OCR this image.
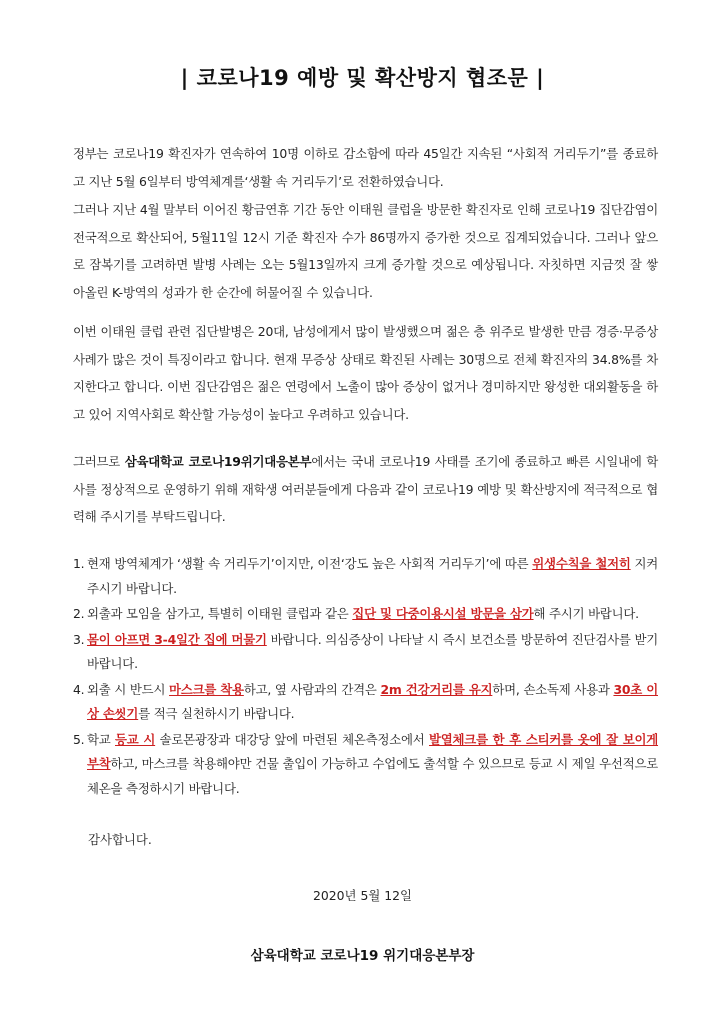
| 코로나19 예방 및 확산방지 협조문 |

정부는 코로나19 확진자가 연속하여 10명 이하로 감소함에 따라 45일간 지속된 “사회적 거리두기”를 종료하고 지난 5월 6일부터 방역체계를‘생활 속 거리두기’로 전환하였습니다.

그러나 지난 4월 말부터 이어진 황금연휴 기간 동안 이태원 클럽을 방문한 확진자로 인해 코로나19 집단감염이 전국적으로 확산되어, 5월11일 12시 기준 확진자 수가 86명까지 증가한 것으로 집계되었습니다. 그러나 앞으로 잠복기를 고려하면 발병 사례는 오는 5월13일까지 크게 증가할 것으로 예상됩니다. 자칫하면 지금껏 잘 쌓아올린 K-방역의 성과가 한 순간에 허물어질 수 있습니다.

이번 이태원 클럽 관련 집단발병은 20대, 남성에게서 많이 발생했으며 젊은 층 위주로 발생한 만큼 경증·무증상 사례가 많은 것이 특징이라고 합니다. 현재 무증상 상태로 확진된 사례는 30명으로 전체 확진자의 34.8%를 차지한다고 합니다. 이번 집단감염은 젊은 연령에서 노출이 많아 증상이 없거나 경미하지만 왕성한 대외활동을 하고 있어 지역사회로 확산할 가능성이 높다고 우려하고 있습니다.

그러므로 삼육대학교 코로나19위기대응본부에서는 국내 코로나19 사태를 조기에 종료하고 빠른 시일내에 학사를 정상적으로 운영하기 위해 재학생 여러분들에게 다음과 같이 코로나19 예방 및 확산방지에 적극적으로 협력해 주시기를 부탁드립니다.

1. 현재 방역체계가 ‘생활 속 거리두기’이지만, 이전‘강도 높은 사회적 거리두기’에 따른 위생수칙을 철저히 지켜주시기 바랍니다.
2. 외출과 모임을 삼가고, 특별히 이태원 클럽과 같은 집단 및 다중이용시설 방문을 삼가해 주시기 바랍니다.
3. 몸이 아프면 3-4일간 집에 머물기 바랍니다. 의심증상이 나타날 시 즉시 보건소를 방문하여 진단검사를 받기 바랍니다.
4. 외출 시 반드시 마스크를 착용하고, 옆 사람과의 간격은 2m 건강거리를 유지하며, 손소독제 사용과 30초 이상 손씻기를 적극 실천하시기 바랍니다.
5. 학교 등교 시 솔로몬광장과 대강당 앞에 마련된 체온측정소에서 발열체크를 한 후 스티커를 옷에 잘 보이게 부착하고, 마스크를 착용해야만 건물 출입이 가능하고 수업에도 출석할 수 있으므로 등교 시 제일 우선적으로 체온을 측정하시기 바랍니다.
감사합니다.
2020년 5월 12일
삼육대학교 코로나19 위기대응본부장
